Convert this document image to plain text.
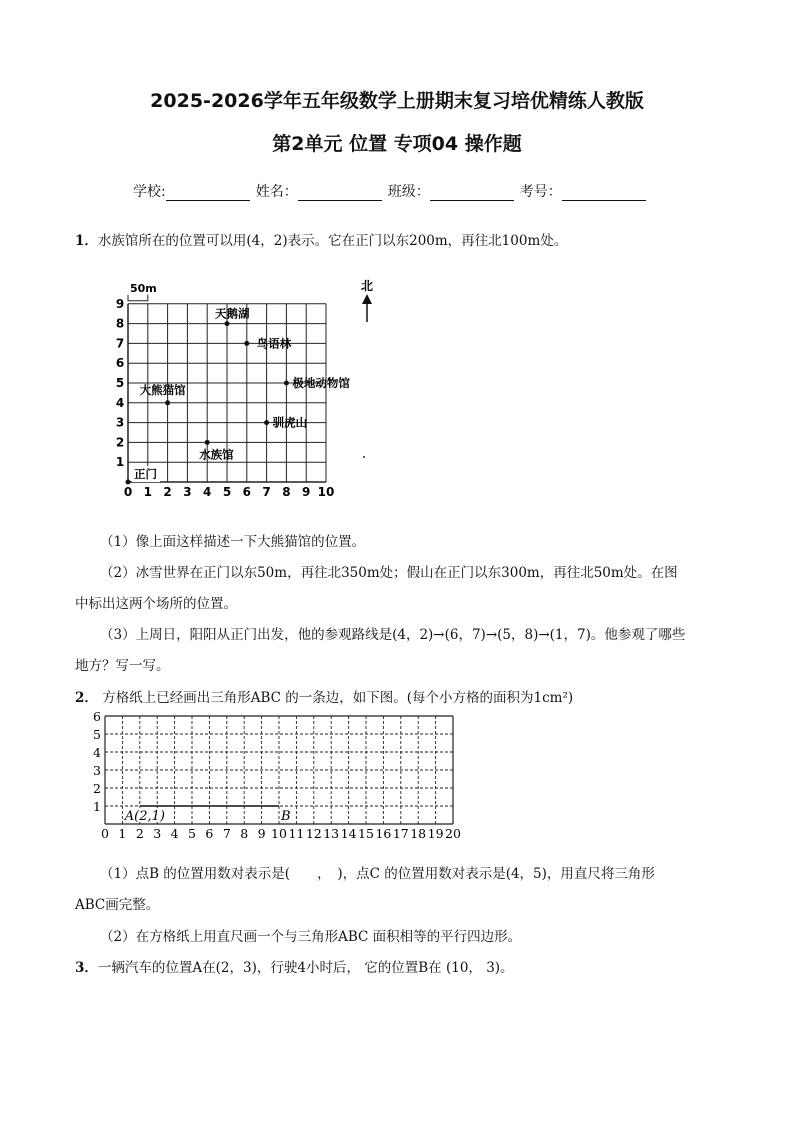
2025-2026学年五年级数学上册期末复习培优精练人教版
第2单元 位置 专项04 操作题
学校:	姓名：	班级：	考号：
1．水族馆所在的位置可以用(4，2)表示。它在正门以东200m，再往北100m处。
0 1 2 3 4 5 6 7 8 9 10
1
2
3
4
5
6
7
8
9
50m
天鹅湖
鸟语林
极地动物馆
大熊猫馆
驯虎山
水族馆
正门
北
（1）像上面这样描述一下大熊猫馆的位置。
（2）冰雪世界在正门以东50m，再往北350m处；假山在正门以东300m，再往北50m处。在图
中标出这两个场所的位置。
（3）上周日，阳阳从正门出发，他的参观路线是(4，2)→(6，7)→(5，8)→(1，7)。他参观了哪些
地方？写一写。
2． 方格纸上已经画出三角形ABC 的一条边，如下图。(每个小方格的面积为1cm²)
0 1 2 3 4 5 6 7 8 9 10 11 12 13 14 15 16 17 18 19 20
1
2
3
4
5
6
A(2,1)	B
（1）点B 的位置用数对表示是(　　，　)，点C 的位置用数对表示是(4，5)，用直尺将三角形
ABC画完整。
（2）在方格纸上用直尺画一个与三角形ABC 面积相等的平行四边形。
3．一辆汽车的位置A在(2，3)，行驶4小时后， 它的位置B在 (10， 3)。
